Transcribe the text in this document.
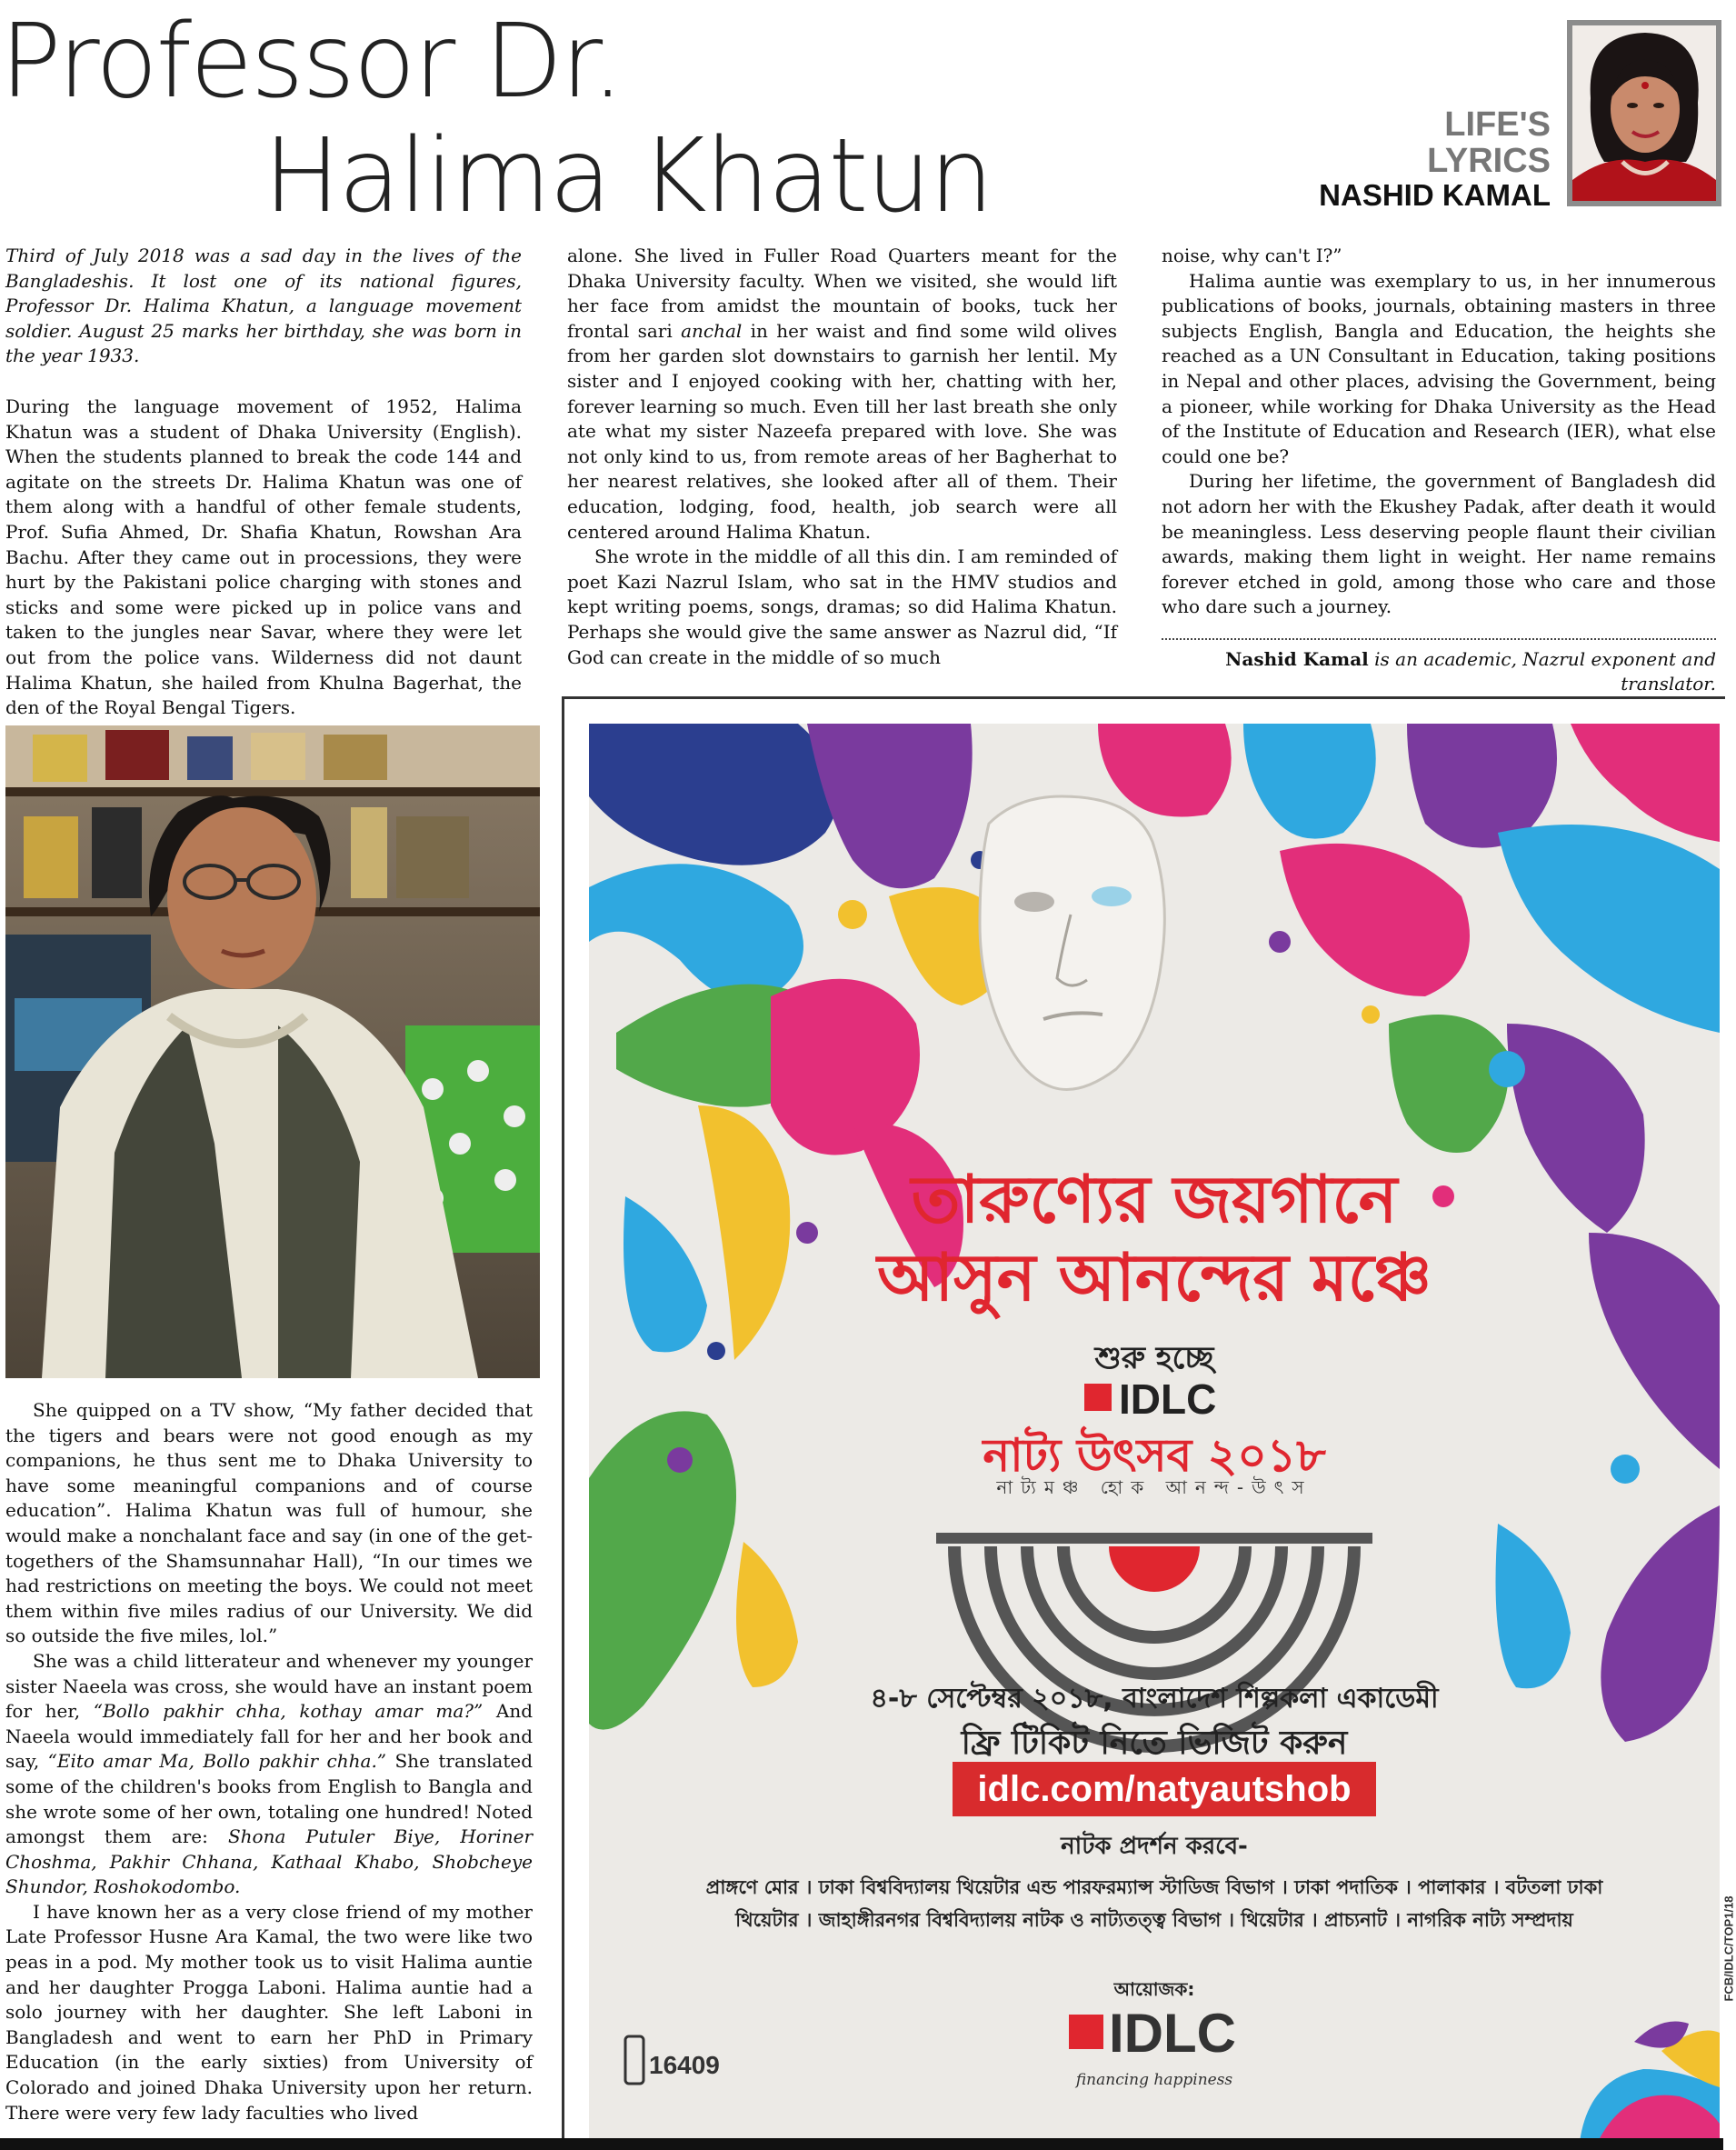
Professor Dr.
Halima Khatun	LIFE'S
LYRICS
NASHID KAMAL

Third of July 2018 was a sad day in the lives of the Bangladeshis. It lost one of its national figures, Professor Dr. Halima Khatun, a language movement soldier. August 25 marks her birthday, she was born in the year 1933.

During the language movement of 1952, Halima Khatun was a student of Dhaka University (English). When the students planned to break the code 144 and agitate on the streets Dr. Halima Khatun was one of them along with a handful of other female students, Prof. Sufia Ahmed, Dr. Shafia Khatun, Rowshan Ara Bachu. After they came out in processions, they were hurt by the Pakistani police charging with stones and sticks and some were picked up in police vans and taken to the jungles near Savar, where they were let out from the police vans. Wilderness did not daunt Halima Khatun, she hailed from Khulna Bagerhat, the den of the Royal Bengal Tigers.

She quipped on a TV show, “My father decided that the tigers and bears were not good enough as my companions, he thus sent me to Dhaka University to have some meaningful companions and of course education”. Halima Khatun was full of humour, she would make a nonchalant face and say (in one of the get-togethers of the Shamsunnahar Hall), “In our times we had restrictions on meeting the boys. We could not meet them within five miles radius of our University. We did so outside the five miles, lol.”

She was a child litterateur and whenever my younger sister Naeela was cross, she would have an instant poem for her, “Bollo pakhir chha, kothay amar ma?” And Naeela would immediately fall for her and her book and say, “Eito amar Ma, Bollo pakhir chha.” She translated some of the children's books from English to Bangla and she wrote some of her own, totaling one hundred! Noted amongst them are: Shona Putuler Biye, Horiner Choshma, Pakhir Chhana, Kathaal Khabo, Shobcheye Shundor, Roshokodombo.

I have known her as a very close friend of my mother Late Professor Husne Ara Kamal, the two were like two peas in a pod. My mother took us to visit Halima auntie and her daughter Progga Laboni. Halima auntie had a solo journey with her daughter. She left Laboni in Bangladesh and went to earn her PhD in Primary Education (in the early sixties) from University of Colorado and joined Dhaka University upon her return. There were very few lady faculties who lived

alone. She lived in Fuller Road Quarters meant for the Dhaka University faculty. When we visited, she would lift her face from amidst the mountain of books, tuck her frontal sari anchal in her waist and find some wild olives from her garden slot downstairs to garnish her lentil. My sister and I enjoyed cooking with her, chatting with her, forever learning so much. Even till her last breath she only ate what my sister Nazeefa prepared with love. She was not only kind to us, from remote areas of her Bagherhat to her nearest relatives, she looked after all of them. Their education, lodging, food, health, job search were all centered around Halima Khatun.

She wrote in the middle of all this din. I am reminded of poet Kazi Nazrul Islam, who sat in the HMV studios and kept writing poems, songs, dramas; so did Halima Khatun. Perhaps she would give the same answer as Nazrul did, “If God can create in the middle of so much

noise, why can't I?”

Halima auntie was exemplary to us, in her innumerous publications of books, journals, obtaining masters in three subjects English, Bangla and Education, the heights she reached as a UN Consultant in Education, taking positions in Nepal and other places, advising the Government, being a pioneer, while working for Dhaka University as the Head of the Institute of Education and Research (IER), what else could one be?

During her lifetime, the government of Bangladesh did not adorn her with the Ekushey Padak, after death it would be meaningless. Less deserving people flaunt their civilian awards, making them light in weight. Her name remains forever etched in gold, among those who care and those who dare such a journey.

Nashid Kamal is an academic, Nazrul exponent and translator.
তারুণ্যের জয়গানে
আসুন আনন্দের মঞ্চে
শুরু হচ্ছে
IDLC
নাট্য উৎসব ২০১৮
নাট্যমঞ্চ হোক আনন্দ-উৎস
৪-৮ সেপ্টেম্বর ২০১৮, বাংলাদেশ শিল্পকলা একাডেমী
ফ্রি টিকিট নিতে ভিজিট করুন
idlc.com/natyautshob
নাটক প্রদর্শন করবে-
প্রাঙ্গণে মোর । ঢাকা বিশ্ববিদ্যালয় থিয়েটার এন্ড পারফরম্যান্স স্টাডিজ বিভাগ । ঢাকা পদাতিক । পালাকার । বটতলা ঢাকা
থিয়েটার । জাহাঙ্গীরনগর বিশ্ববিদ্যালয় নাটক ও নাট্যতত্ত্ব বিভাগ । থিয়েটার । প্রাচ্যনাট । নাগরিক নাট্য সম্প্রদায়
আয়োজক:
IDLC
financing happiness
16409
FCB/IDLC/TOP1/18
